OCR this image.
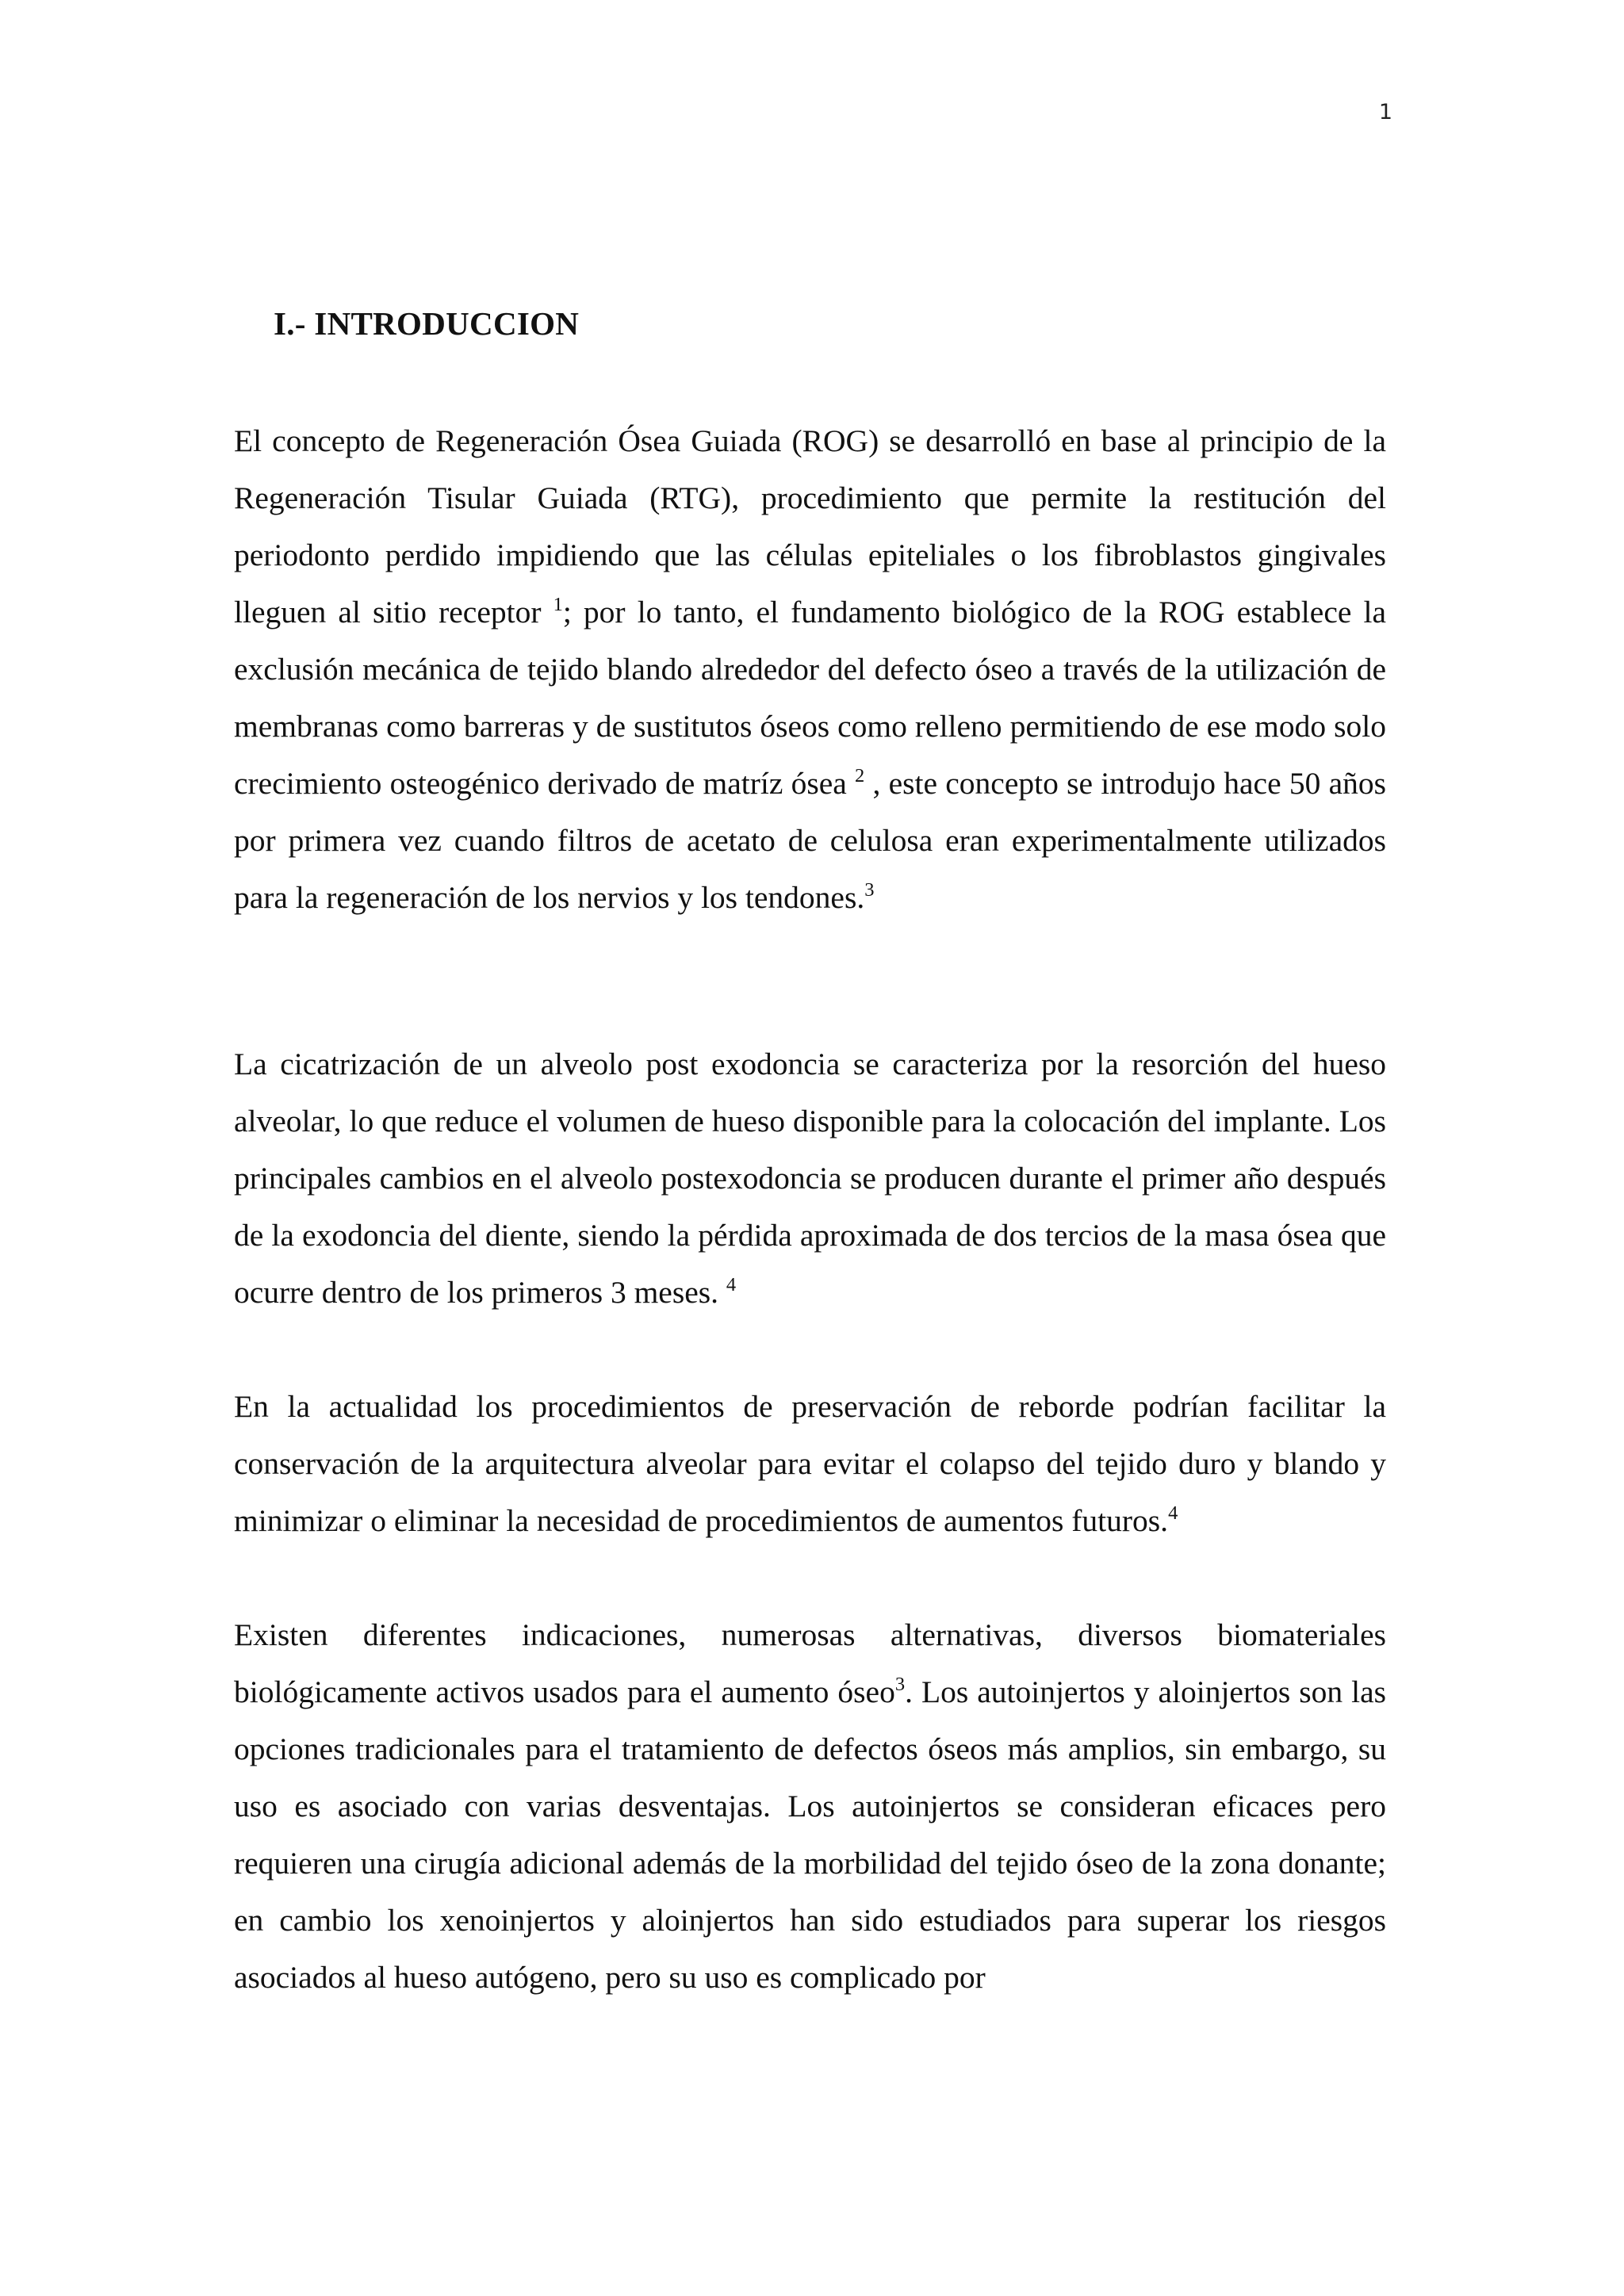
1
I.- INTRODUCCION

El concepto de Regeneración Ósea Guiada (ROG) se desarrolló en base al principio de la Regeneración Tisular Guiada (RTG), procedimiento que permite la restitución del periodonto perdido impidiendo que las células epiteliales o los fibroblastos gingivales lleguen al sitio receptor $^1$; por lo tanto, el fundamento biológico de la ROG establece la exclusión mecánica de tejido blando alrededor del defecto óseo a través de la utilización de membranas como barreras y de sustitutos óseos como relleno permitiendo de ese modo solo crecimiento osteogénico derivado de matríz ósea $^2$ , este concepto se introdujo hace 50 años por primera vez cuando filtros de acetato de celulosa eran experimentalmente utilizados para la regeneración de los nervios y los tendones.$^3$

La cicatrización de un alveolo post exodoncia se caracteriza por la resorción del hueso alveolar, lo que reduce el volumen de hueso disponible para la colocación del implante. Los principales cambios en el alveolo postexodoncia se producen durante el primer año después de la exodoncia del diente, siendo la pérdida aproximada de dos tercios de la masa ósea que ocurre dentro de los primeros 3 meses. $^4$

En la actualidad los procedimientos de preservación de reborde podrían facilitar la conservación de la arquitectura alveolar para evitar el colapso del tejido duro y blando y minimizar o eliminar la necesidad de procedimientos de aumentos futuros.$^4$

Existen diferentes indicaciones, numerosas alternativas, diversos biomateriales biológicamente activos usados para el aumento óseo$^3$. Los autoinjertos y aloinjertos son las opciones tradicionales para el tratamiento de defectos óseos más amplios, sin embargo, su uso es asociado con varias desventajas. Los autoinjertos se consideran eficaces pero requieren una cirugía adicional además de la morbilidad del tejido óseo de la zona donante; en cambio los xenoinjertos y aloinjertos han sido estudiados para superar los riesgos asociados al hueso autógeno, pero su uso es complicado por
